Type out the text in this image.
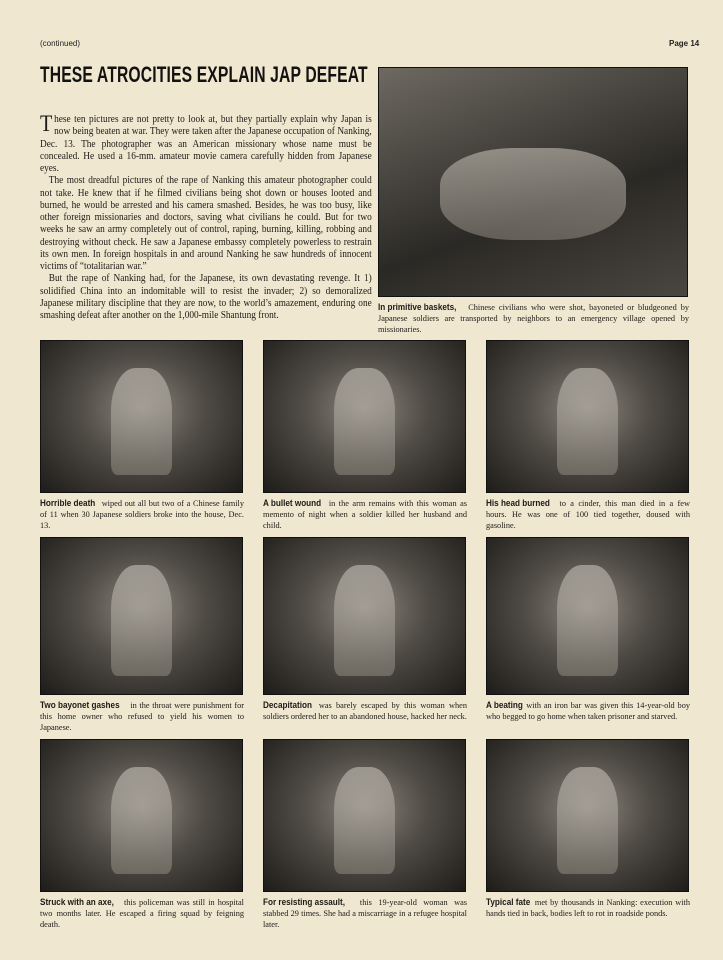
(continued)	Page 14
THESE ATROCITIES EXPLAIN JAP DEFEAT

These ten pictures are not pretty to look at, but they partially explain why Japan is now being beaten at war. They were taken after the Japanese occupation of Nanking, Dec. 13. The photographer was an American missionary whose name must be concealed. He used a 16-mm. amateur movie camera carefully hidden from Japanese eyes.

The most dreadful pictures of the rape of Nanking this amateur photographer could not take. He knew that if he filmed civilians being shot down or houses looted and burned, he would be arrested and his camera smashed. Besides, he was too busy, like other foreign missionaries and doctors, saving what civilians he could. But for two weeks he saw an army completely out of control, raping, burning, killing, robbing and destroying without check. He saw a Japanese embassy completely powerless to restrain its own men. In foreign hospitals in and around Nanking he saw hundreds of innocent victims of “totalitarian war.”

But the rape of Nanking had, for the Japanese, its own devastating revenge. It 1) solidified China into an indomitable will to resist the invader; 2) so demoralized Japanese military discipline that they are now, to the world’s amazement, enduring one smashing defeat after another on the 1,000-mile Shantung front.

In primitive baskets, Chinese civilians who were shot, bayoneted or bludgeoned by Japanese soldiers are transported by neighbors to an emergency village opened by missionaries.
Horrible death wiped out all but two of a Chinese family of 11 when 30 Japanese soldiers broke into the house, Dec. 13.
A bullet wound in the arm remains with this woman as memento of night when a soldier killed her husband and child.
His head burned to a cinder, this man died in a few hours. He was one of 100 tied together, doused with gasoline.
Two bayonet gashes in the throat were punishment for this home owner who refused to yield his women to Japanese.
Decapitation was barely escaped by this woman when soldiers ordered her to an abandoned house, hacked her neck.
A beating with an iron bar was given this 14-year-old boy who begged to go home when taken prisoner and starved.
Struck with an axe, this policeman was still in hospital two months later. He escaped a firing squad by feigning death.
For resisting assault, this 19-year-old woman was stabbed 29 times. She had a miscarriage in a refugee hospital later.
Typical fate met by thousands in Nanking: execution with hands tied in back, bodies left to rot in roadside ponds.
